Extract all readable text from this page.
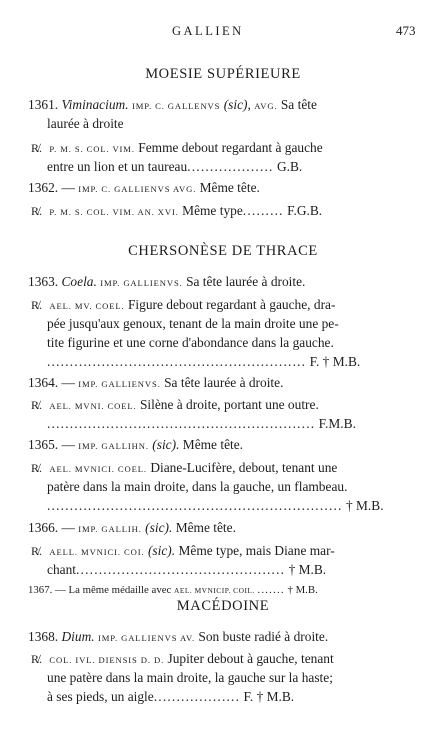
GALLIEN	473
MOESIE SUPÉRIEURE
1361. Viminacium. IMP. C. GALLENVS (sic), AVG. Sa tête
laurée à droite
R̸. P. M. S. COL. VIM. Femme debout regardant à gauche
entre un lion et un taureau................... G.B.
1362. — IMP. C. GALLIENVS AVG. Même tête.
R̸. P. M. S. COL. VIM. AN. XVI. Même type......... F.G.B.
CHERSONÈSE DE THRACE
1363. Coela. IMP. GALLIENVS. Sa tête laurée à droite.
R̸. AEL. MV. COEL. Figure debout regardant à gauche, dra-
pée jusqu'aux genoux, tenant de la main droite une pe-
tite figurine et une corne d'abondance dans la gauche.
......................................................... F. † M.B.
1364. — IMP. GALLIENVS. Sa tête laurée à droite.
R̸. AEL. MVNI. COEL. Silène à droite, portant une outre.
........................................................... F.M.B.
1365. — IMP. GALLIHN. (sic). Même tête.
R̸. AEL. MVNICI. COEL. Diane-Lucifère, debout, tenant une
patère dans la main droite, dans la gauche, un flambeau.
................................................................. † M.B.
1366. — IMP. GALLIH. (sic). Même tête.
R̸. AELL. MVNICI. COI. (sic). Même type, mais Diane mar-
chant.............................................. † M.B.
1367. — La même médaille avec AEL. MVNICIP. COIL. ....... † M.B.
MACÉDOINE
1368. Dium. IMP. GALLIENVS AV. Son buste radié à droite.
R̸. COL. IVL. DIENSIS D. D. Jupiter debout à gauche, tenant
une patère dans la main droite, la gauche sur la haste;
à ses pieds, un aigle................... F. † M.B.
